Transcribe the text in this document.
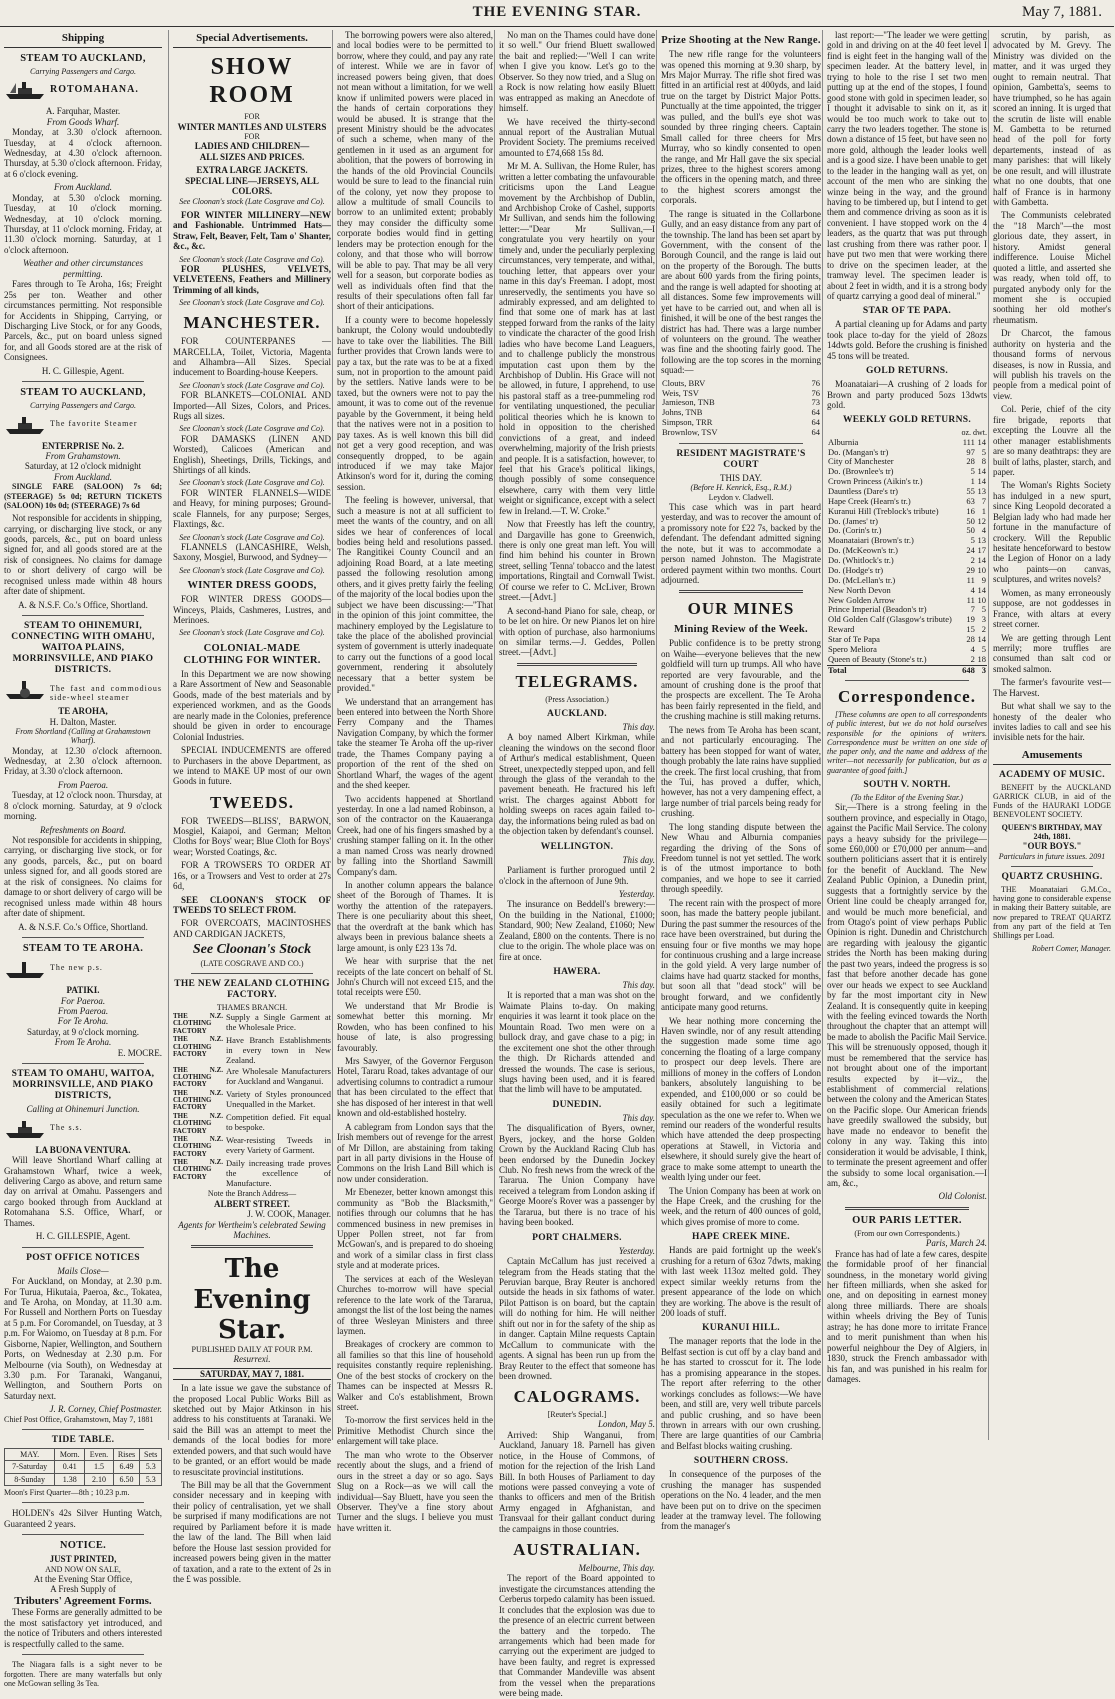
THE EVENING STAR.	May 7, 1881.
Shipping
STEAM TO AUCKLAND,
Carrying Passengers and Cargo.
ROTOMAHANA.
A. Farquhar, Master.
From Goods Wharf.

Monday, at 3.30 o'clock afternoon. Tuesday, at 4 o'clock afternoon. Wednesday, at 4.30 o'clock afternoon. Thursday, at 5.30 o'clock afternoon. Friday, at 6 o'clock evening.

From Auckland.

Monday, at 5.30 o'clock morning. Tuesday, at 10 o'clock morning. Wednesday, at 10 o'clock morning. Thursday, at 11 o'clock morning. Friday, at 11.30 o'clock morning. Saturday, at 1 o'clock afternoon.

Weather and other circumstances permitting.

Fares through to Te Aroha, 16s; Freight 25s per ton. Weather and other circumstances permitting. Not responsible for Accidents in Shipping, Carrying, or Discharging Live Stock, or for any Goods, Parcels, &c., put on board unless signed for, and all Goods stored are at the risk of Consignees.

H. C. Gillespie, Agent.
STEAM TO AUCKLAND,
Carrying Passengers and Cargo.
The favorite Steamer
ENTERPRISE No. 2.
From Grahamstown.
Saturday, at 12 o'clock midnight
From Auckland.

SINGLE FARE (SALOON) 7s 6d; (STEERAGE) 5s 0d; RETURN TICKETS (SALOON) 10s 0d; (STEERAGE) 7s 6d

Not responsible for accidents in shipping, carrying, or discharging live stock, or any goods, parcels, &c., put on board unless signed for, and all goods stored are at the risk of consignees. No claims for damage to or short delivery of cargo will be recognised unless made within 48 hours after date of shipment.

A. & N.S.F. Co.'s Office, Shortland.
STEAM TO OHINEMURI, CONNECTING WITH OMAHU, WAITOA PLAINS, MORRINSVILLE, AND PIAKO DISTRICTS.
The fast and commodious side-wheel steamer
TE AROHA,
H. Dalton, Master.
From Shortland (Calling at Grahamstown Wharf).

Monday, at 12.30 o'clock afternoon. Wednesday, at 2.30 o'clock afternoon. Friday, at 3.30 o'clock afternoon.

From Paeroa.

Tuesday, at 12 o'clock noon. Thursday, at 8 o'clock morning. Saturday, at 9 o'clock morning.

Refreshments on Board.

Not responsible for accidents in shipping, carrying, or discharging live stock, or for any goods, parcels, &c., put on board unless signed for, and all goods stored are at the risk of consignees. No claims for damage to or short delivery of cargo will be recognised unless made within 48 hours after date of shipment.

A. & N.S.F. Co.'s Office, Shortland.
STEAM TO TE AROHA.
The new p.s.
PATIKI.
For Paeroa.
From Paeroa.
For Te Aroha.
Saturday, at 9 o'clock morning.
From Te Aroha.
E. MOCRE.
STEAM TO OMAHU, WAITOA, MORRINSVILLE, AND PIAKO DISTRICTS,
Calling at Ohinemuri Junction.
The s.s.
LA BUONA VENTURA.

Will leave Shortland Wharf calling at Grahamstown Wharf, twice a week, delivering Cargo as above, and return same day on arrival at Omahu. Passengers and cargo booked through from Auckland at Rotomahana S.S. Office, Wharf, or Thames.

H. C. GILLESPIE, Agent.
POST OFFICE NOTICES
Mails Close—

For Auckland, on Monday, at 2.30 p.m. For Turua, Hikutaia, Paeroa, &c., Tokatea, and Te Aroha, on Monday, at 11.30 a.m. For Russell and Northern Ports on Tuesday at 5 p.m. For Coromandel, on Tuesday, at 3 p.m. For Waiomo, on Tuesday at 8 p.m. For Gisborne, Napier, Wellington, and Southern Ports, on Wednesday at 2.30 p.m. For Melbourne (via South), on Wednesday at 3.30 p.m. For Taranaki, Wanganui, Wellington, and Southern Ports on Saturday next.

J. R. Corney, Chief Postmaster.
Chief Post Office, Grahamstown, May 7, 1881
TIDE TABLE.
MAY.	Morn.	Even.	Rises	Sets
7-Saturday	0.41	1.5	6.49	5.3
8-Sunday	1.38	2.10	6.50	5.3
Moon's First Quarter—8th ; 10.23 p.m.

HOLDEN's 42s Silver Hunting Watch, Guaranteed 2 years.

NOTICE.
JUST PRINTED,
AND NOW ON SALE,
At the Evening Star Office,
A Fresh Supply of
Tributers' Agreement Forms.

These Forms are generally admitted to be the most satisfactory yet introduced, and the notice of Tributers and others interested is respectfully called to the same.

The Niagara falls is a sight never to be forgotten. There are many waterfalls but only one McGowan selling 3s Tea.

Special Advertisements.
SHOW ROOM
FOR
WINTER MANTLES AND ULSTERS
FOR
LADIES AND CHILDREN—
ALL SIZES AND PRICES.
EXTRA LARGE JACKETS.
SPECIAL LINE—JERSEYS, ALL COLORS.
See Cloonan's stock (Late Cosgrave and Co).

FOR WINTER MILLINERY—NEW and Fashionable. Untrimmed Hats—Straw, Felt, Beaver, Felt, Tam o' Shanter, &c., &c.

See Cloonan's stock (Late Cosgrave and Co).

FOR PLUSHES, VELVETS, VELVETEENS, Feathers and Millinery Trimming of all kinds,

See Cloonan's stock (Late Cosgrave and Co).
MANCHESTER.

FOR COUNTERPANES — MARCELLA, Toilet, Victoria, Magenta and Alhambra—All Sizes. Special inducement to Boarding-house Keepers.

See Cloonan's stock (Late Cosgrave and Co).

FOR BLANKETS—COLONIAL AND Imported—All Sizes, Colors, and Prices. Rugs all sizes.

See Cloonan's stock (Late Cosgrave and Co).

FOR DAMASKS (LINEN AND Worsted), Calicoes (American and English), Sheetings, Drills, Tickings, and Shirtings of all kinds.

See Cloonan's stock (Late Cosgrave and Co).

FOR WINTER FLANNELS—WIDE and Heavy, for mining purposes; Ground-scale Flannels, for any purpose; Serges, Flaxtings, &c.

See Cloonan's stock (Late Cosgrave and Co).

FLANNELS (LANCASHIRE, Welsh, Saxony, Mosgiel, Burwood, and Sydney—

See Cloonan's stock (Late Cosgrave and Co).
WINTER DRESS GOODS,

FOR WINTER DRESS GOODS—Winceys, Plaids, Cashmeres, Lustres, and Merinoes.

See Cloonan's stock (Late Cosgrave and Co).
COLONIAL-MADE CLOTHING FOR WINTER.

In this Department we are now showing a Rare Assortment of New and Seasonable Goods, made of the best materials and by experienced workmen, and as the Goods are nearly made in the Colonies, preference should be given in order to encourage Colonial Industries.

SPECIAL INDUCEMENTS are offered to Purchasers in the above Department, as we intend to MAKE UP most of our own Goods in future.

TWEEDS.

FOR TWEEDS—BLISS', BARWON, Mosgiel, Kaiapoi, and German; Melton Cloths for Boys' wear; Blue Cloth for Boys' wear; Worsted Coatings, &c.

FOR A TROWSERS TO ORDER AT 16s, or a Trowsers and Vest to order at 27s 6d,

SEE CLOONAN'S STOCK OF TWEEDS TO SELECT FROM.

FOR OVERCOATS, MACINTOSHES AND CARDIGAN JACKETS,

See Cloonan's Stock
(LATE COSGRAVE AND CO.)
THE NEW ZEALAND CLOTHING FACTORY.
THAMES BRANCH.
THE N.Z. CLOTHING FACTORY
Supply a Single Garment at the Wholesale Price.
THE N.Z. CLOTHING FACTORY
Have Branch Establishments in every town in New Zealand.
THE N.Z. CLOTHING FACTORY
Are Wholesale Manufacturers for Auckland and Wanganui.
THE N.Z. CLOTHING FACTORY
Variety of Styles pronounced Unequalled in the Market.
THE N.Z. CLOTHING FACTORY
Competition defied. Fit equal to bespoke.
THE N.Z. CLOTHING FACTORY
Wear-resisting Tweeds in every Variety of Garment.
THE N.Z. CLOTHING FACTORY
Daily increasing trade proves the excellence of Manufacture.
Note the Branch Address—
ALBERT STREET.
J. W. COOK, Manager.
Agents for Wertheim's celebrated Sewing Machines.
The Evening Star.
PUBLISHED DAILY AT FOUR P.M.
Resurrexi.
SATURDAY, MAY 7, 1881.

In a late issue we gave the substance of the proposed Local Public Works Bill as sketched out by Major Atkinson in his address to his constituents at Taranaki. We said the Bill was an attempt to meet the demands of the local bodies for more extended powers, and that such would have to be granted, or an effort would be made to resuscitate provincial institutions.

The Bill may be all that the Government consider necessary and in keeping with their policy of centralisation, yet we shall be surprised if many modifications are not required by Parliament before it is made the law of the land. The Bill when laid before the House last session provided for increased powers being given in the matter of taxation, and a rate to the extent of 2s in the £ was possible.

The borrowing powers were also altered, and local bodies were to be permitted to borrow, where they could, and pay any rate of interest. While we are in favor of increased powers being given, that does not mean without a limitation, for we well know if unlimited powers were placed in the hands of certain corporations they would be abused. It is strange that the present Ministry should be the advocates of such a scheme, when many of the gentlemen in it used as an argument for abolition, that the powers of borrowing in the hands of the old Provincial Councils would be sure to lead to the financial ruin of the colony, yet now they propose to allow a multitude of small Councils to borrow to an unlimited extent; probably they may consider the difficulty some corporate bodies would find in getting lenders may be protection enough for the colony, and that those who will borrow will be able to pay. That may be all very well for a season, but corporate bodies as well as individuals often find that the results of their speculations often fall far short of their anticipations.

If a county were to become hopelessly bankrupt, the Colony would undoubtedly have to take over the liabilities. The Bill further provides that Crown lands were to pay a tax, but the rate was to be at a fixed sum, not in proportion to the amount paid by the settlers. Native lands were to be taxed, but the owners were not to pay the amount, it was to come out of the revenue payable by the Government, it being held that the natives were not in a position to pay taxes. As is well known this bill did not get a very good reception, and was consequently dropped, to be again introduced if we may take Major Atkinson's word for it, during the coming session.

The feeling is however, universal, that such a measure is not at all sufficient to meet the wants of the country, and on all sides we hear of conferences of local bodies being held and resolutions passed. The Rangitikei County Council and an adjoining Road Board, at a late meeting passed the following resolution among others, and it gives pretty fairly the feeling of the majority of the local bodies upon the subject we have been discussing:—"That in the opinion of this joint committee, the machinery employed by the Legislature to take the place of the abolished provincial system of government is utterly inadequate to carry out the functions of a good local government, rendering it absolutely necessary that a better system be provided."

We understand that an arrangement has been entered into between the North Shore Ferry Company and the Thames Navigation Company, by which the former take the steamer Te Aroha off the up-river trade, the Thames Company paying a proportion of the rent of the shed on Shortland Wharf, the wages of the agent and the shed keeper.

Two accidents happened at Shortland yesterday. In one a lad named Robinson, a son of the contractor on the Kauaeranga Creek, had one of his fingers smashed by a crushing stamper falling on it. In the other a man named Cross was nearly drowned by falling into the Shortland Sawmill Company's dam.

In another column appears the balance sheet of the Borough of Thames. It is worthy the attention of the ratepayers. There is one peculiarity about this sheet, that the overdraft at the bank which has always been in previous balance sheets a large amount, is only £23 13s 7d.

We hear with surprise that the net receipts of the late concert on behalf of St. John's Church will not exceed £15, and the total receipts were £50.

We understand that Mr Brodie is somewhat better this morning. Mr Rowden, who has been confined to his house of late, is also progressing favourably.

Mrs Sawyer, of the Governor Ferguson Hotel, Tararu Road, takes advantage of our advertising columns to contradict a rumour that has been circulated to the effect that she has disposed of her interest in that well known and old-established hostelry.

A cablegram from London says that the Irish members out of revenge for the arrest of Mr Dillon, are abstaining from taking part in all party divisions in the House of Commons on the Irish Land Bill which is now under consideration.

Mr Ebenezer, better known amongst this community as "Bob the Blacksmith," notifies through our columns that he has commenced business in new premises in Upper Pollen street, not far from McGowan's, and is prepared to do shoeing and work of a similar class in first class style and at moderate prices.

The services at each of the Wesleyan Churches to-morrow will have special reference to the late work of the Tararua, amongst the list of the lost being the names of three Wesleyan Ministers and three laymen.

Breakages of crockery are common to all families so that this line of household requisites constantly require replenishing. One of the best stocks of crockery on the Thames can be inspected at Messrs R. Walker and Co's establishment, Brown street.

To-morrow the first services held in the Primitive Methodist Church since the enlargement will take place.

The man who wrote to the Observer recently about the slugs, and a friend of ours in the street a day or so ago. Says Slug on a Rock—as we will call the individual—Say Bluett, have you seen the Observer. They've a fine story about Turner and the slugs. I believe you must have written it.

No man on the Thames could have done it so well." Our friend Bluett swallowed the bait and replied:—"Well I can write when I give you know. Let's go to the Observer. So they now tried, and a Slug on a Rock is now relating how easily Bluett was entrapped as making an Anecdote of himself.

We have received the thirty-second annual report of the Australian Mutual Provident Society. The premiums received amounted to £74,668 15s 8d.

Mr M. A. Sullivan, the Home Ruler, has written a letter combating the unfavourable criticisms upon the Land League movement by the Archbishop of Dublin, and Archbishop Croke of Cashel, supports Mr Sullivan, and sends him the following letter:—"Dear Mr Sullivan,—I congratulate you very heartily on your timely and, under the peculiarly perplexing circumstances, very temperate, and withal, touching letter, that appears over your name in this day's Freeman. I adopt, most unreservedly, the sentiments you have so admirably expressed, and am delighted to find that some one of mark has at last stepped forward from the ranks of the laity to vindicate the character of the good Irish ladies who have become Land Leaguers, and to challenge publicly the monstrous imputation cast upon them by the Archbishop of Dublin. His Grace will not be allowed, in future, I apprehend, to use his pastoral staff as a tree-pummeling rod for ventilating unquestioned, the peculiar political theories which he is known to hold in opposition to the cherished convictions of a great, and indeed overwhelming, majority of the Irish priests and people. It is a satisfaction, however, to feel that his Grace's political likings, though possibly of some consequence elsewhere, carry with them very little weight or significance, except with a select few in Ireland.—T. W. Croke."

Now that Freestly has left the country, and Dargaville has gone to Greenwich, there is only one great man left. You will find him behind his counter in Brown street, selling 'Tenna' tobacco and the latest importations, Ringtail and Cornwall Twist. Of course we refer to C. McLiver, Brown street.—[Advt.]

A second-hand Piano for sale, cheap, or to be let on hire. Or new Pianos let on hire with option of purchase, also harmoniums on similar terms.—J. Geddes, Pollen street.—[Advt.]

TELEGRAMS.
(Press Association.)
AUCKLAND.
This day.

A boy named Albert Kirkman, while cleaning the windows on the second floor of Arthur's medical establishment, Queen Street, unexpectedly stepped upon, and fell through the glass of the verandah to the pavement beneath. He fractured his left wrist. The charges against Abbott for holding sweeps on races again failed to-day, the informations being ruled as bad on the objection taken by defendant's counsel.

WELLINGTON.
This day.

Parliament is further prorogued until 2 o'clock in the afternoon of June 9th.

Yesterday.

The insurance on Beddell's brewery:—On the building in the National, £1000; Standard, 900; New Zealand, £1060; New Zealand, £800 on the contents. There is no clue to the origin. The whole place was on fire at once.

HAWERA.
This day.

It is reported that a man was shot on the Waimate Plains to-day. On making enquiries it was learnt it took place on the Mountain Road. Two men were on a bullock dray, and gave chase to a pig; in the excitement one shot the other through the thigh. Dr Richards attended and dressed the wounds. The case is serious, slugs having been used, and it is feared that the limb will have to be amputated.

DUNEDIN.
This day.

The disqualification of Byers, owner, Byers, jockey, and the horse Golden Crown by the Auckland Racing Club has been endorsed by the Dunedin Jockey Club. No fresh news from the wreck of the Tararua. The Union Company have received a telegram from London asking if George Moore's Rover was a passenger by the Tararua, but there is no trace of his having been booked.

PORT CHALMERS.
Yesterday.

Captain McCallum has just received a telegram from the Heads stating that the Peruvian barque, Bray Reuter is anchored outside the heads in six fathoms of water. Pilot Pattison is on board, but the captain will do nothing for him. He will neither shift out nor in for the safety of the ship as in danger. Captain Milne requests Captain McCallum to communicate with the agents. A signal has been run up from the Bray Reuter to the effect that someone has been drowned.

CALOGRAMS.
[Reuter's Special.]
London, May 5.

Arrived: Ship Wanganui, from Auckland, January 18. Parnell has given notice, in the House of Commons, of motion for the rejection of the Irish Land Bill. In both Houses of Parliament to day motions were passed conveying a vote of thanks to officers and men of the British Army engaged in Afghanistan, and Transvaal for their gallant conduct during the campaigns in those countries.

AUSTRALIAN.
Melbourne, This day.

The report of the Board appointed to investigate the circumstances attending the Cerberus torpedo calamity has been issued. It concludes that the explosion was due to the presence of an electric current between the battery and the torpedo. The arrangements which had been made for carrying out the experiment are judged to have been faulty, and regret is expressed that Commander Mandeville was absent from the vessel when the preparations were being made.

Prize Shooting at the New Range.

The new rifle range for the volunteers was opened this morning at 9.30 sharp, by Mrs Major Murray. The rifle shot fired was fitted in an artificial rest at 400yds, and laid true on the target by District Major Potts. Punctually at the time appointed, the trigger was pulled, and the bull's eye shot was sounded by three ringing cheers. Captain Small called for three cheers for Mrs Murray, who so kindly consented to open the range, and Mr Hall gave the six special prizes, three to the highest scorers among the officers in the opening match, and three to the highest scorers amongst the corporals.

The range is situated in the Collarbone Gully, and an easy distance from any part of the township. The land has been set apart by Government, with the consent of the Borough Council, and the range is laid out on the property of the Borough. The butts are about 600 yards from the firing points, and the range is well adapted for shooting at all distances. Some few improvements will yet have to be carried out, and when all is finished, it will be one of the best ranges the district has had. There was a large number of volunteers on the ground. The weather was fine and the shooting fairly good. The following are the top scores in the morning squad:—

Clouts, BRV	76
Weis, TSV	76
Jamieson, TNB	73
Johns, TNB	64
Simpson, TRR	64
Brownlow, TSV	64
RESIDENT MAGISTRATE'S COURT
THIS DAY.
(Before H. Kenrick, Esq., R.M.)
Leydon v. Cladwell.

This case which was in part heard yesterday, and was to recover the amount of a promissory note for £22 7s, backed by the defendant. The defendant admitted signing the note, but it was to accommodate a person named Johnston. The Magistrate ordered payment within two months. Court adjourned.

OUR MINES
Mining Review of the Week.

Public confidence is to be pretty strong on Waihe—everyone believes that the new goldfield will turn up trumps. All who have reported are very favourable, and the amount of crushing done is the proof that the prospects are excellent. The Te Aroha has been fairly represented in the field, and the crushing machine is still making returns.

The news from Te Aroha has been scant, and not particularly encouraging. The battery has been stopped for want of water, though probably the late rains have supplied the creek. The first local crushing, that from the Tui, has proved a duffer, which, however, has not a very dampening effect, a large number of trial parcels being ready for crushing.

The long standing dispute between the New Whau and Alburnia companies regarding the driving of the Sons of Freedom tunnel is not yet settled. The work is of the utmost importance to both companies, and we hope to see it carried through speedily.

The recent rain with the prospect of more soon, has made the battery people jubilant. During the past summer the resources of the race have been overstrained, but during the ensuing four or five months we may hope for continuous crushing and a large increase in the gold yield. A very large number of claims have had quartz stacked for months, but soon all that "dead stock" will be brought forward, and we confidently anticipate many good returns.

We hear nothing more concerning the Haven swindle, nor of any result attending the suggestion made some time ago concerning the floating of a large company to prospect our deep levels. There are millions of money in the coffers of London bankers, absolutely languishing to be expended, and £100,000 or so could be easily obtained for such a legitimate speculation as the one we refer to. When we remind our readers of the wonderful results which have attended the deep prospecting operations at Stawell, in Victoria and elsewhere, it should surely give the heart of grace to make some attempt to unearth the wealth lying under our feet.

The Union Company has been at work on the Hape Creek, and the crushing for the week, and the return of 400 ounces of gold, which gives promise of more to come.

HAPE CREEK MINE.

Hands are paid fortnight up the week's crushing for a return of 63oz 7dwts, making with last week 113oz melted gold. They expect similar weekly returns from the present appearance of the lode on which they are working. The above is the result of 200 loads of stuff.

KURANUI HILL.

The manager reports that the lode in the Belfast section is cut off by a clay band and he has started to crosscut for it. The lode has a promising appearance in the stopes. The report after referring to the other workings concludes as follows:—We have been, and still are, very well tribute parcels and public crushing, and so have been thrown in arrears with our own crushing. There are large quantities of our Cambria and Belfast blocks waiting crushing.

SOUTHERN CROSS.

In consequence of the purposes of the crushing the manager has suspended operations on the No. 4 leader, and the men have been put on to drive on the specimen leader at the tramway level. The following from the manager's

last report:—"The leader we were getting gold in and driving on at the 40 feet level I find is eight feet in the hanging wall of the specimen leader. At the battery level, in trying to hole to the rise I set two men putting up at the end of the stopes, I found good stone with gold in specimen leader, so I thought it advisable to sink on it, as it would be too much work to take out to carry the two leaders together. The stone is down a distance of 15 feet, but have seen no more gold, although the leader looks well and is a good size. I have been unable to get to the leader in the hanging wall as yet, on account of the men who are sinking the winze being in the way, and the ground having to be timbered up, but I intend to get them and commence driving as soon as it is convenient. I have stopped work on the 4 leaders, as the quartz that was put through last crushing from there was rather poor. I have put two men that were working there to drive on the specimen leader, at the tramway level. The specimen leader is about 2 feet in width, and it is a strong body of quartz carrying a good deal of mineral."

STAR OF TE PAPA.

A partial cleaning up for Adams and party took place to-day for the yield of 28ozs 14dwts gold. Before the crushing is finished 45 tons will be treated.

GOLD RETURNS.

Moanataiari—A crushing of 2 loads for Brown and party produced 5ozs 13dwts gold.

WEEKLY GOLD RETURNS.
oz. dwt.
Alburnia	111	14
Do. (Mangan's tr)	97	5
City of Manchester	28	8
Do. (Brownlee's tr)	5	14
Crown Princess (Aikin's tr.)	1	14
Dauntless (Dare's tr)	55	13
Hape Creek (Hearn's tr.)	63	7
Kuranui Hill (Treblock's tribute)	16	1
Do. (James' tr)	50	12
Do. (Corin's tr.)	50	4
Moanataiari (Brown's tr.)	5	13
Do. (McKeown's tr.)	24	17
Do. (Whitlock's tr.)	2	14
Do. (Hodge's tr)	29	10
Do. (McLellan's tr.)	11	9
New North Devon	4	14
New Golden Arrow	11	10
Prince Imperial (Beadon's tr)	7	5
Old Golden Calf (Glasgow's tribute)	19	3
Reward	15	2
Star of Te Papa	28	14
Spero Meliora	4	5
Queen of Beauty (Stone's tr.)	2	18
Total	648	3
Correspondence.

[These columns are open to all correspondents of public interest, but we do not hold ourselves responsible for the opinions of writers. Correspondence must be written on one side of the paper only, and the name and address of the writer—not necessarily for publication, but as a guarantee of good faith.]

SOUTH V. NORTH.
(To the Editor of the Evening Star.)

Sir,—There is a strong feeling in the southern province, and especially in Otago, against the Pacific Mail Service. The colony pays a heavy subsidy for the privilege—some £60,000 or £70,000 per annum—and southern politicians assert that it is entirely for the benefit of Auckland. The New Zealand Public Opinion, a Dunedin print, suggests that a fortnightly service by the Orient line could be cheaply arranged for, and would be much more beneficial, and from Otago's point of view perhaps Public Opinion is right. Dunedin and Christchurch are regarding with jealousy the gigantic strides the North has been making during the past two years, indeed the progress is so fast that before another decade has gone over our heads we expect to see Auckland by far the most important city in New Zealand. It is consequently quite in keeping with the feeling evinced towards the North throughout the chapter that an attempt will be made to abolish the Pacific Mail Service. This will be strenuously opposed, though it must be remembered that the service has not brought about one of the important results expected by it—viz., the establishment of commercial relations between the colony and the American States on the Pacific slope. Our American friends have greedily swallowed the subsidy, but have made no endeavor to benefit the colony in any way. Taking this into consideration it would be advisable, I think, to terminate the present agreement and offer the subsidy to some local organisation.—I am, &c.,

Old Colonist.
OUR PARIS LETTER.
(From our own Correspondents.)
Paris, March 24.

France has had of late a few cares, despite the formidable proof of her financial soundness, in the monetary world giving her fifteen milliards, when she asked for one, and on depositing in earnest money along three milliards. There are shoals within wheels driving the Bey of Tunis astray; he has done more to irritate France and to merit punishment than when his powerful neighbour the Dey of Algiers, in 1830, struck the French ambassador with his fan, and was punished in his realm for damages.

scrutin, by parish, as advocated by M. Grevy. The Ministry was divided on the matter, and it was urged they ought to remain neutral. That opinion, Gambetta's, seems to have triumphed, so he has again scored an inning. It is urged that the scrutin de liste will enable M. Gambetta to be returned head of the poll for forty departements, instead of as many parishes: that will likely be one result, and will illustrate what no one doubts, that one half of France is in harmony with Gambetta.

The Communists celebrated the "18 March"—the most glorious date, they assert, in history. Amidst general indifference. Louise Michel quoted a little, and asserted she was ready, when told off, to purgated anybody only for the moment she is occupied soothing her old mother's rheumatism.

Dr Charcot, the famous authority on hysteria and the thousand forms of nervous diseases, is now in Russia, and will publish his travels on the people from a medical point of view.

Col. Perie, chief of the city fire brigade, reports that excepting the Louvre all the other manager establishments are so many deathtraps: they are built of laths, plaster, starch, and paper.

The Woman's Rights Society has indulged in a new spurt, since King Leopold decorated a Belgian lady who had made her fortune in the manufacture of crockery. Will the Republic hesitate henceforward to bestow the Legion of Honor on a lady who paints—on canvas, sculptures, and writes novels?

Women, as many erroneously suppose, are not goddesses in France, with altars at every street corner.

We are getting through Lent merrily; more truffles are consumed than salt cod or smoked salmon.

The farmer's favourite vest—The Harvest.

But what shall we say to the honesty of the dealer who invites ladies to call and see his invisible nets for the hair.

Amusements
ACADEMY OF MUSIC.

BENEFIT by the AUCKLAND GARRICK CLUB, in aid of the Funds of the HAURAKI LODGE BENEVOLENT SOCIETY.

QUEEN'S BIRTHDAY, MAY 24th, 1881.
"OUR BOYS."
Particulars in future issues. 2091
QUARTZ CRUSHING.

THE Moanataiari G.M.Co., having gone to considerable expense in making their Battery suitable, are now prepared to TREAT QUARTZ from any part of the field at Ten Shillings per Load.

Robert Comer, Manager.
